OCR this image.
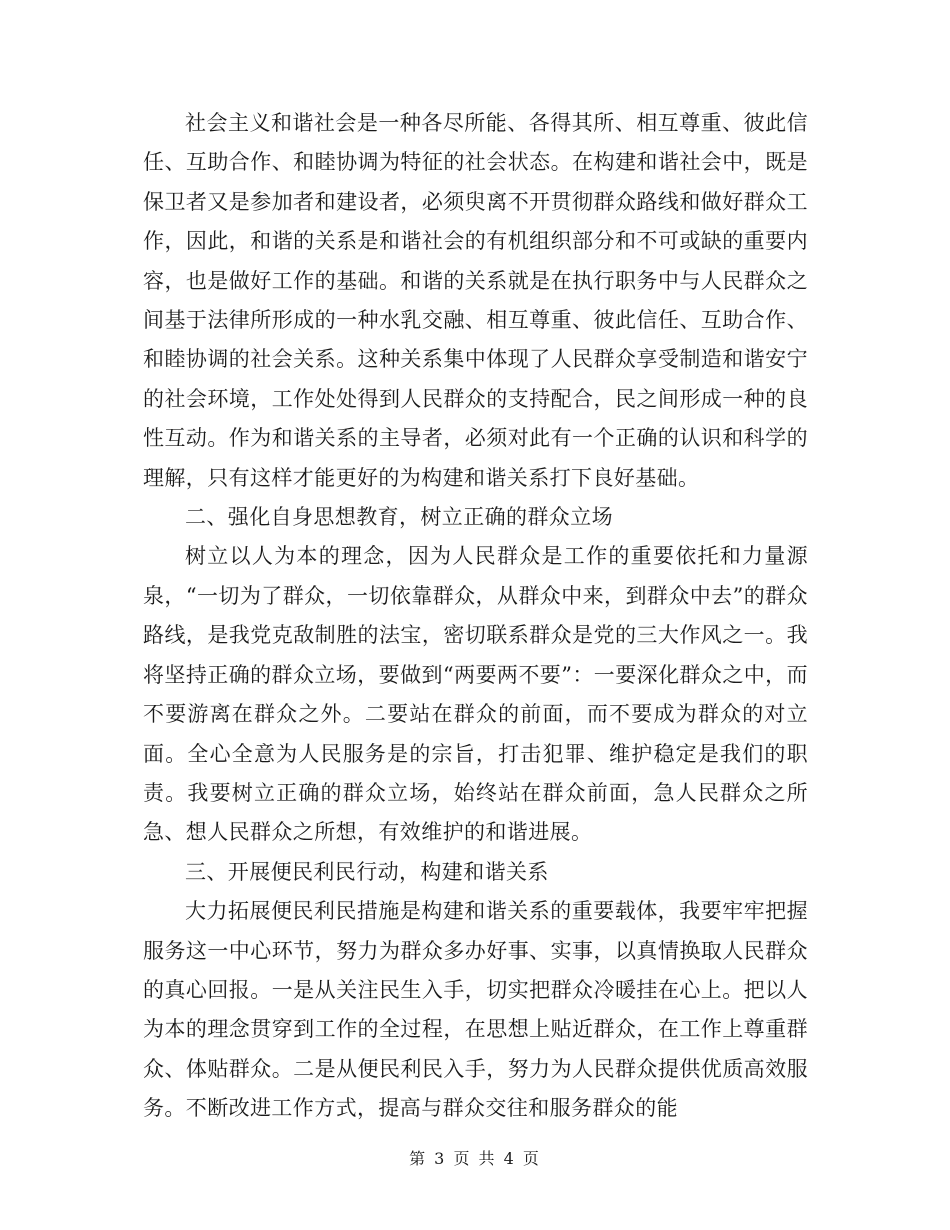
社会主义和谐社会是一种各尽所能、各得其所、相互尊重、彼此信任、互助合作、和睦协调为特征的社会状态。在构建和谐社会中，既是保卫者又是参加者和建设者，必须臾离不开贯彻群众路线和做好群众工作，因此，和谐的关系是和谐社会的有机组织部分和不可或缺的重要内容，也是做好工作的基础。和谐的关系就是在执行职务中与人民群众之间基于法律所形成的一种水乳交融、相互尊重、彼此信任、互助合作、和睦协调的社会关系。这种关系集中体现了人民群众享受制造和谐安宁的社会环境，工作处处得到人民群众的支持配合，民之间形成一种的良性互动。作为和谐关系的主导者，必须对此有一个正确的认识和科学的理解，只有这样才能更好的为构建和谐关系打下良好基础。

二、强化自身思想教育，树立正确的群众立场

树立以人为本的理念，因为人民群众是工作的重要依托和力量源泉，“一切为了群众，一切依靠群众，从群众中来，到群众中去”的群众路线，是我党克敌制胜的法宝，密切联系群众是党的三大作风之一。我将坚持正确的群众立场，要做到“两要两不要”：一要深化群众之中，而不要游离在群众之外。二要站在群众的前面，而不要成为群众的对立面。全心全意为人民服务是的宗旨，打击犯罪、维护稳定是我们的职责。我要树立正确的群众立场，始终站在群众前面，急人民群众之所急、想人民群众之所想，有效维护的和谐进展。

三、开展便民利民行动，构建和谐关系

大力拓展便民利民措施是构建和谐关系的重要载体，我要牢牢把握服务这一中心环节，努力为群众多办好事、实事，以真情换取人民群众的真心回报。一是从关注民生入手，切实把群众冷暖挂在心上。把以人为本的理念贯穿到工作的全过程，在思想上贴近群众，在工作上尊重群众、体贴群众。二是从便民利民入手，努力为人民群众提供优质高效服务。不断改进工作方式，提高与群众交往和服务群众的能

第 3 页 共 4 页
